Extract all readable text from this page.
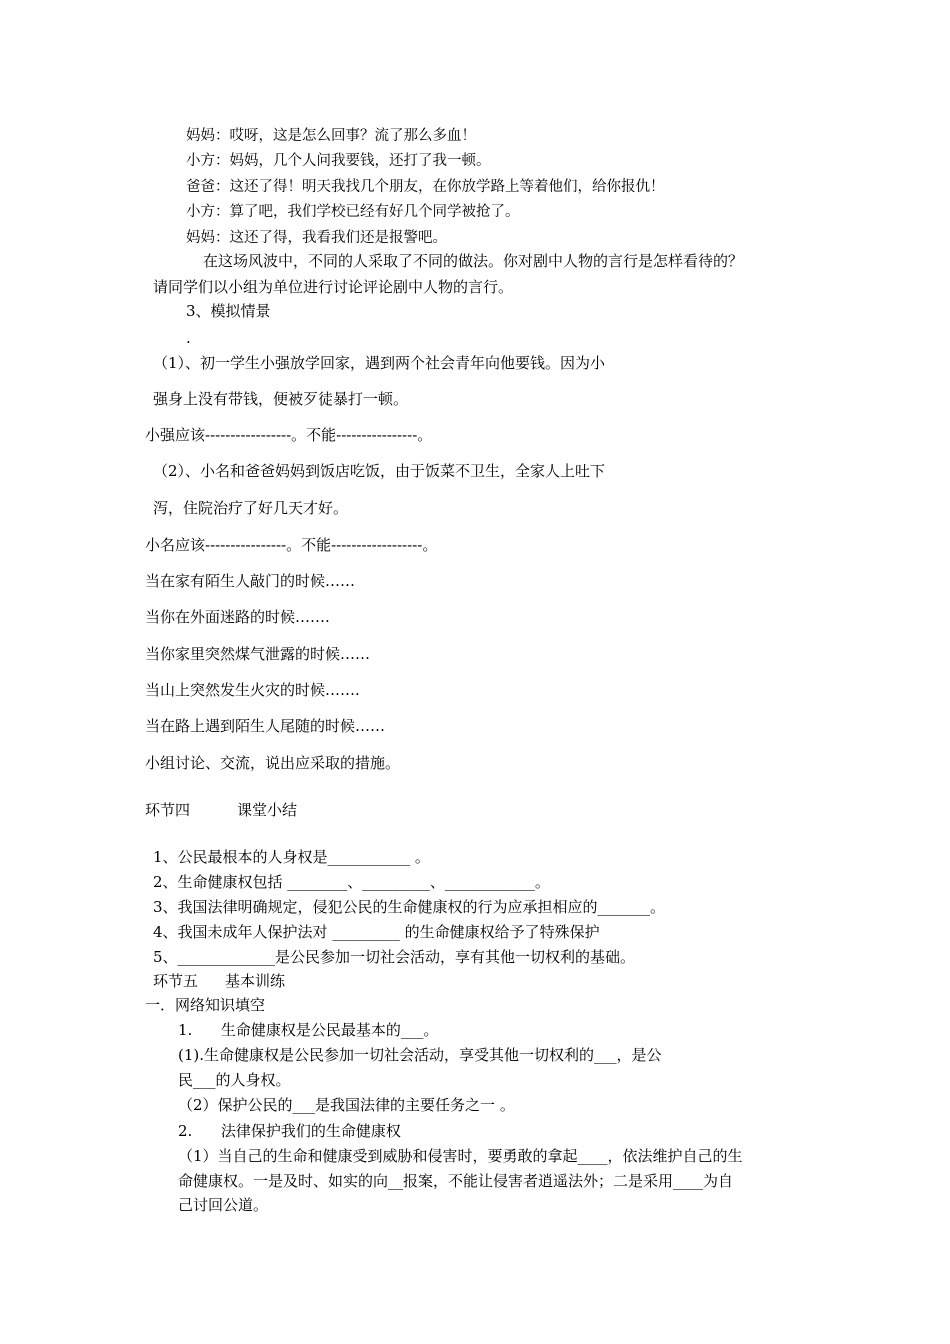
妈妈：哎呀，这是怎么回事？流了那么多血！
小方：妈妈，几个人问我要钱，还打了我一顿。
爸爸：这还了得！明天我找几个朋友，在你放学路上等着他们，给你报仇！
小方：算了吧，我们学校已经有好几个同学被抢了。
妈妈：这还了得，我看我们还是报警吧。
在这场风波中，不同的人采取了不同的做法。你对剧中人物的言行是怎样看待的？
请同学们以小组为单位进行讨论评论剧中人物的言行。
3、模拟情景
.
（1）、初一学生小强放学回家，遇到两个社会青年向他要钱。因为小
强身上没有带钱，便被歹徒暴打一顿。
小强应该-----------------。不能----------------。
（2）、小名和爸爸妈妈到饭店吃饭，由于饭菜不卫生，全家人上吐下
泻，住院治疗了好几天才好。
小名应该----------------。不能------------------。
当在家有陌生人敲门的时候……
当你在外面迷路的时候…….
当你家里突然煤气泄露的时候……
当山上突然发生火灾的时候…….
当在路上遇到陌生人尾随的时候……
小组讨论、交流，说出应采取的措施。
环节四	课堂小结
1、公民最根本的人身权是___________ 。
2、生命健康权包括 ________、_________、____________。
3、我国法律明确规定，侵犯公民的生命健康权的行为应承担相应的_______。
4、我国未成年人保护法对 _________ 的生命健康权给予了特殊保护
5、_____________是公民参加一切社会活动，享有其他一切权利的基础。
环节五 基本训练
一．网络知识填空
1.      生命健康权是公民最基本的___。
(1).生命健康权是公民参加一切社会活动，享受其他一切权利的___，是公
民___的人身权。
（2）保护公民的___是我国法律的主要任务之一 。
2.      法律保护我们的生命健康权
（1）当自己的生命和健康受到威胁和侵害时，要勇敢的拿起____，依法维护自己的生
命健康权。一是及时、如实的向__报案，不能让侵害者逍遥法外；二是采用____为自
己讨回公道。
